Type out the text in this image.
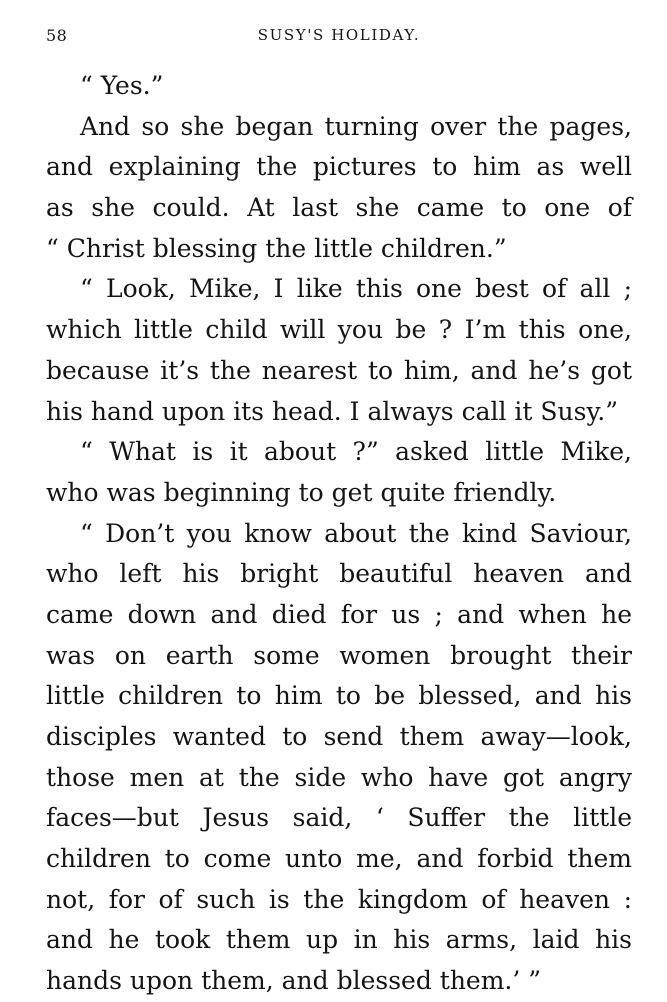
58	SUSY'S HOLIDAY.
“ Yes.”
And so she began turning over the pages,
and explaining the pictures to him as well
as she could. At last she came to one of
“ Christ blessing the little children.”
“ Look, Mike, I like this one best of all ;
which little child will you be ? I’m this one,
because it’s the nearest to him, and he’s got
his hand upon its head. I always call it Susy.”
“ What is it about ?” asked little Mike,
who was beginning to get quite friendly.
“ Don’t you know about the kind Saviour,
who left his bright beautiful heaven and
came down and died for us ; and when he
was on earth some women brought their
little children to him to be blessed, and his
disciples wanted to send them away—look,
those men at the side who have got angry
faces—but Jesus said, ‘ Suffer the little
children to come unto me, and forbid them
not, for of such is the kingdom of heaven :
and he took them up in his arms, laid his
hands upon them, and blessed them.’ ”
